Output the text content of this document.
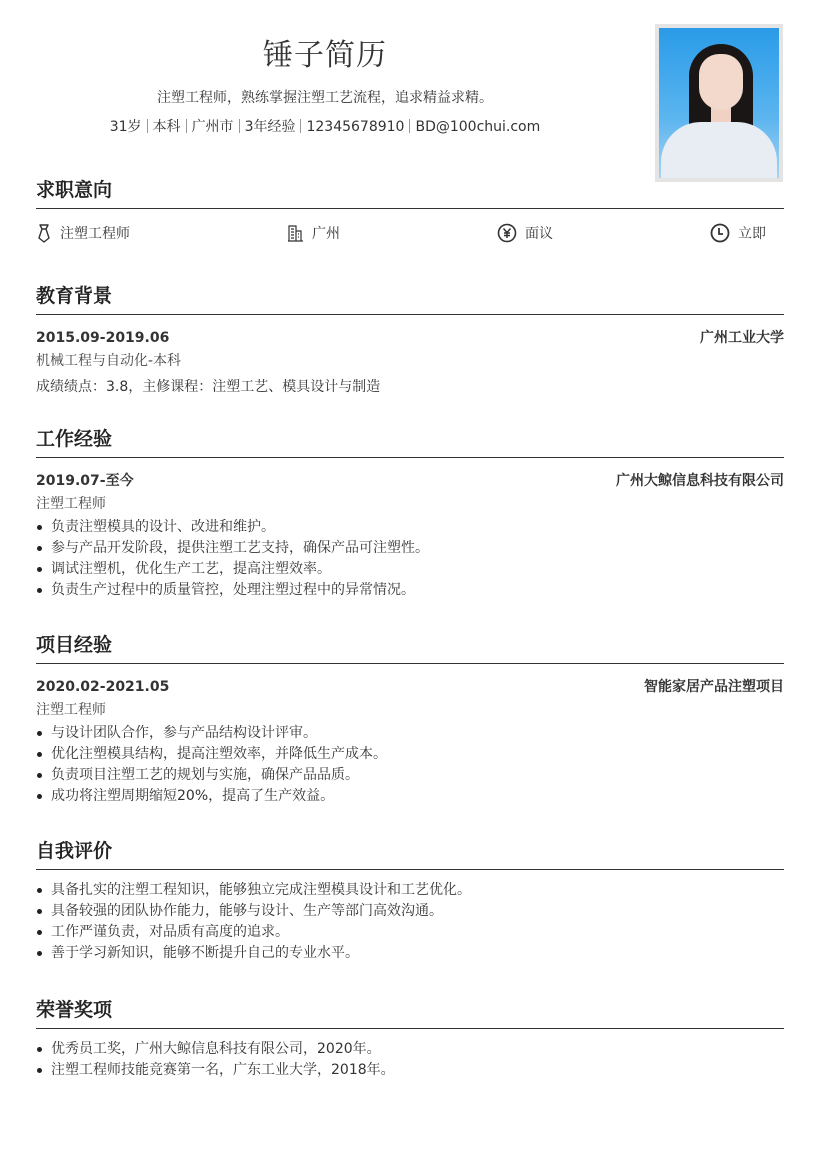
锤子简历
注塑工程师，熟练掌握注塑工艺流程，追求精益求精。
31岁 本科 广州市 3年经验 12345678910 BD@100chui.com
求职意向
注塑工程师	广州	面议	立即
教育背景
2015.09-2019.06	广州工业大学
机械工程与自动化-本科
成绩绩点：3.8，主修课程：注塑工艺、模具设计与制造
工作经验
2019.07-至今	广州大鲸信息科技有限公司
注塑工程师
负责注塑模具的设计、改进和维护。
参与产品开发阶段，提供注塑工艺支持，确保产品可注塑性。
调试注塑机，优化生产工艺，提高注塑效率。
负责生产过程中的质量管控，处理注塑过程中的异常情况。
项目经验
2020.02-2021.05	智能家居产品注塑项目
注塑工程师
与设计团队合作，参与产品结构设计评审。
优化注塑模具结构，提高注塑效率，并降低生产成本。
负责项目注塑工艺的规划与实施，确保产品品质。
成功将注塑周期缩短20%，提高了生产效益。
自我评价
具备扎实的注塑工程知识，能够独立完成注塑模具设计和工艺优化。
具备较强的团队协作能力，能够与设计、生产等部门高效沟通。
工作严谨负责，对品质有高度的追求。
善于学习新知识，能够不断提升自己的专业水平。
荣誉奖项
优秀员工奖，广州大鲸信息科技有限公司，2020年。
注塑工程师技能竞赛第一名，广东工业大学，2018年。
